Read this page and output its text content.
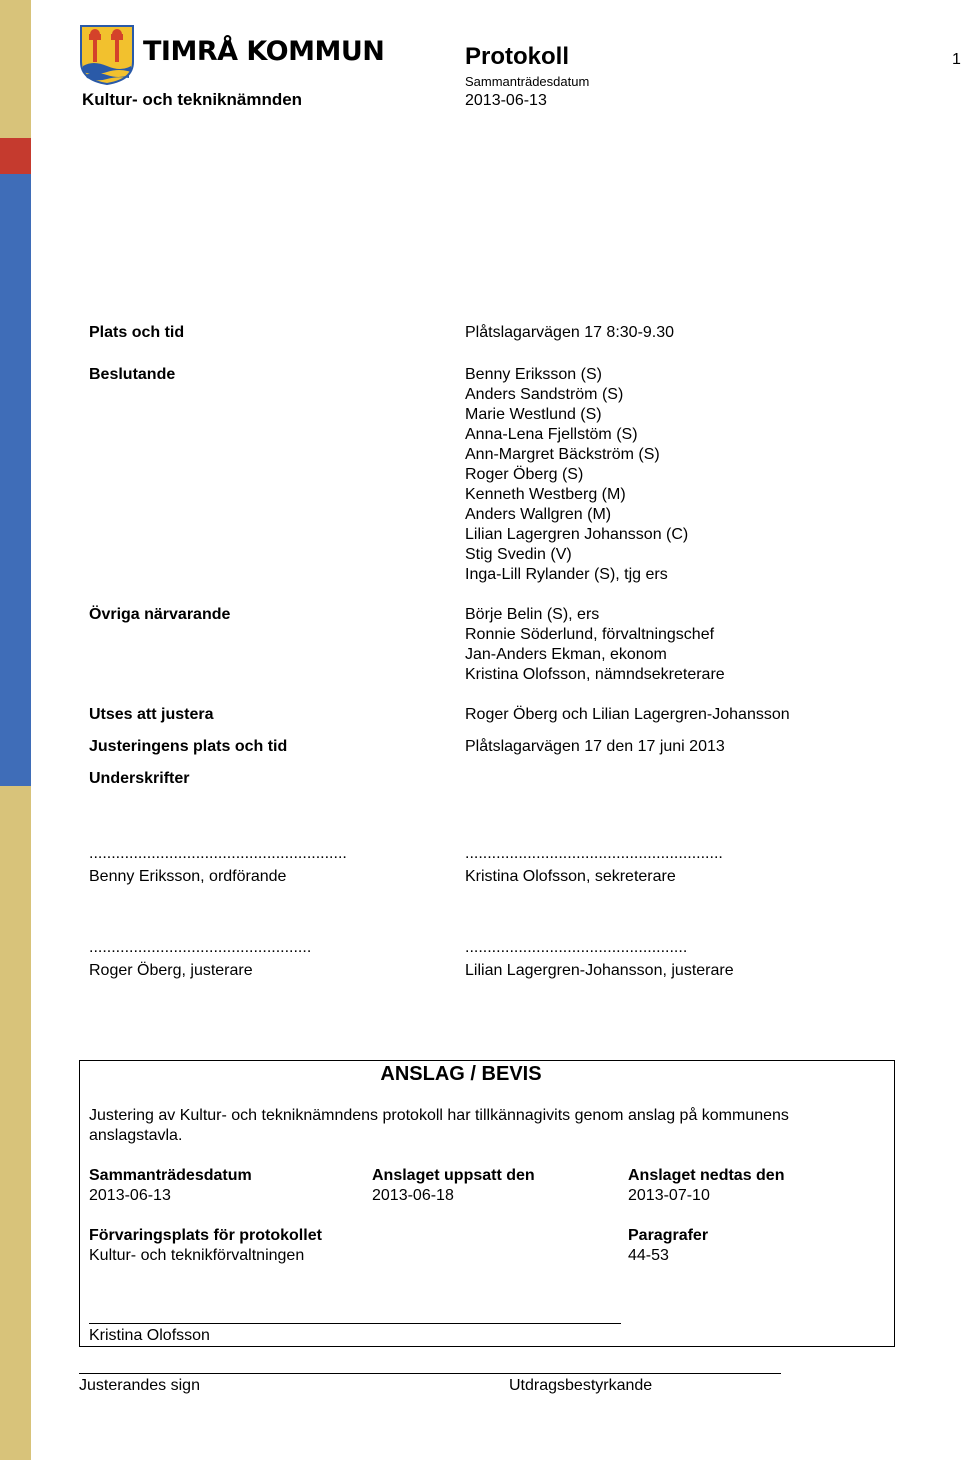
TIMRÅ KOMMUN
Kultur- och tekniknämnden
Protokoll	1
Sammanträdesdatum
2013-06-13
Plats och tid	Plåtslagarvägen 17 8:30-9.30
Beslutande	Benny Eriksson (S)
Anders Sandström (S)
Marie Westlund (S)
Anna-Lena Fjellstöm (S)
Ann-Margret Bäckström (S)
Roger Öberg (S)
Kenneth Westberg (M)
Anders Wallgren (M)
Lilian Lagergren Johansson (C)
Stig Svedin (V)
Inga-Lill Rylander (S), tjg ers
Övriga närvarande	Börje Belin (S), ers
Ronnie Söderlund, förvaltningschef
Jan-Anders Ekman, ekonom
Kristina Olofsson, nämndsekreterare
Utses att justera	Roger Öberg och Lilian Lagergren-Johansson
Justeringens plats och tid	Plåtslagarvägen 17 den 17 juni 2013
Underskrifter
..........................................................
Benny Eriksson, ordförande
..........................................................
Kristina Olofsson, sekreterare
..................................................
Roger Öberg, justerare
..................................................
Lilian Lagergren-Johansson, justerare
ANSLAG / BEVIS
Justering av Kultur- och tekniknämndens protokoll har tillkännagivits genom anslag på kommunens anslagstavla.
Sammanträdesdatum
2013-06-13
Anslaget uppsatt den
2013-06-18
Anslaget nedtas den
2013-07-10
Förvaringsplats för protokollet
Kultur- och teknikförvaltningen
Paragrafer
44-53
Kristina Olofsson
Justerandes sign	Utdragsbestyrkande
